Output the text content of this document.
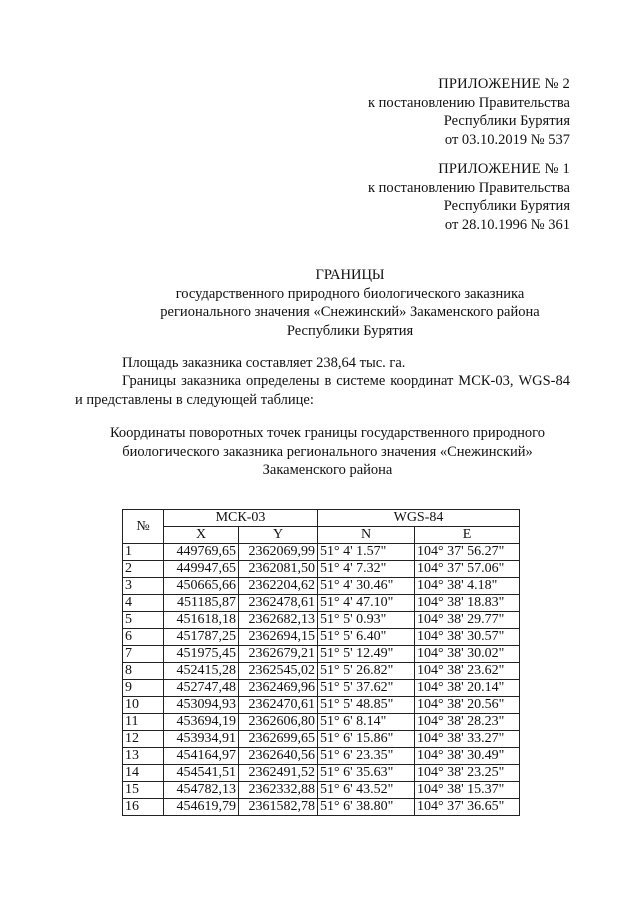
ПРИЛОЖЕНИЕ № 2
к постановлению Правительства
Республики Бурятия
от 03.10.2019 № 537
ПРИЛОЖЕНИЕ № 1
к постановлению Правительства
Республики Бурятия
от 28.10.1996 № 361
ГРАНИЦЫ
государственного природного биологического заказника
регионального значения «Снежинский» Закаменского района
Республики Бурятия
Площадь заказника составляет 238,64 тыс. га.
Границы заказника определены в системе координат МСК-03, WGS-84 и представлены в следующей таблице:
Координаты поворотных точек границы государственного природного
биологического заказника регионального значения «Снежинский»
Закаменского района
№	МСК-03		WGS-84	
	X	Y	N	E
1	449769,65	2362069,99	51° 4' 1.57"	104° 37' 56.27"
2	449947,65	2362081,50	51° 4' 7.32"	104° 37' 57.06"
3	450665,66	2362204,62	51° 4' 30.46"	104° 38' 4.18"
4	451185,87	2362478,61	51° 4' 47.10"	104° 38' 18.83"
5	451618,18	2362682,13	51° 5' 0.93"	104° 38' 29.77"
6	451787,25	2362694,15	51° 5' 6.40"	104° 38' 30.57"
7	451975,45	2362679,21	51° 5' 12.49"	104° 38' 30.02"
8	452415,28	2362545,02	51° 5' 26.82"	104° 38' 23.62"
9	452747,48	2362469,96	51° 5' 37.62"	104° 38' 20.14"
10	453094,93	2362470,61	51° 5' 48.85"	104° 38' 20.56"
11	453694,19	2362606,80	51° 6' 8.14"	104° 38' 28.23"
12	453934,91	2362699,65	51° 6' 15.86"	104° 38' 33.27"
13	454164,97	2362640,56	51° 6' 23.35"	104° 38' 30.49"
14	454541,51	2362491,52	51° 6' 35.63"	104° 38' 23.25"
15	454782,13	2362332,88	51° 6' 43.52"	104° 38' 15.37"
16	454619,79	2361582,78	51° 6' 38.80"	104° 37' 36.65"
